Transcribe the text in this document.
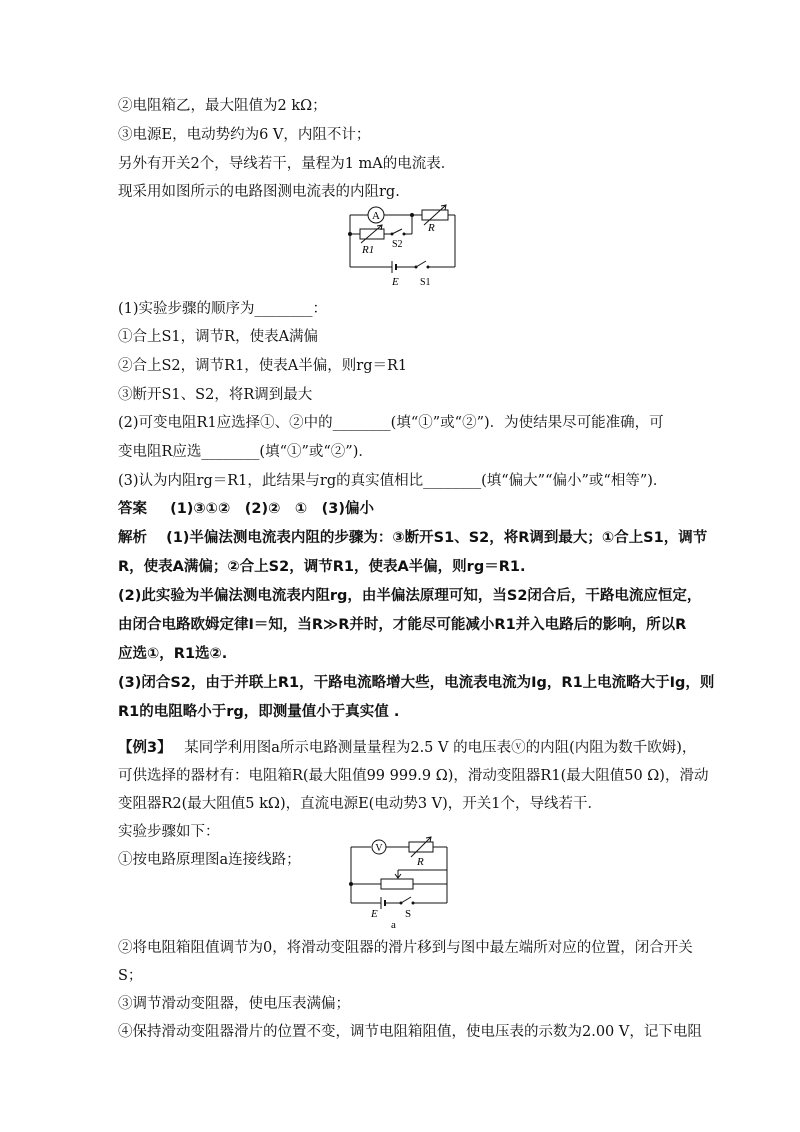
②电阻箱乙，最大阻值为2 kΩ；
③电源E，电动势约为6 V，内阻不计；
另外有开关2个，导线若干，量程为1 mA的电流表．
现采用如图所示的电路图测电流表的内阻rg.
A
R
R1 S2
E S1
(1)实验步骤的顺序为________：
①合上S1，调节R，使表A满偏
②合上S2，调节R1，使表A半偏，则rg＝R1
③断开S1、S2，将R调到最大
(2)可变电阻R1应选择①、②中的________(填“①”或“②”)．为使结果尽可能准确，可
变电阻R应选________(填“①”或“②”)．
(3)认为内阻rg＝R1，此结果与rg的真实值相比________(填“偏大”“偏小”或“相等”)．
答案 (1)③①②　(2)②　①　(3)偏小
解析 (1)半偏法测电流表内阻的步骤为：③断开S1、S2，将R调到最大；①合上S1，调节
R，使表A满偏；②合上S2，调节R1，使表A半偏，则rg＝R1.
(2)此实验为半偏法测电流表内阻rg，由半偏法原理可知，当S2闭合后，干路电流应恒定，
由闭合电路欧姆定律I＝知，当R≫R并时，才能尽可能减小R1并入电路后的影响，所以R
应选①，R1选②.
(3)闭合S2，由于并联上R1，干路电流略增大些，电流表电流为Ig，R1上电流略大于Ig，则
R1的电阻略小于rg，即测量值小于真实值 .
【例3】 某同学利用图a所示电路测量量程为2.5 V 的电压表ⓥ的内阻(内阻为数千欧姆)，
可供选择的器材有：电阻箱R(最大阻值99 999.9 Ω)，滑动变阻器R1(最大阻值50 Ω)，滑动
变阻器R2(最大阻值5 kΩ)，直流电源E(电动势3 V)，开关1个，导线若干．
实验步骤如下：
①按电路原理图a连接线路；
V
R
E S
a
②将电阻箱阻值调节为0，将滑动变阻器的滑片移到与图中最左端所对应的位置，闭合开关
S；
③调节滑动变阻器，使电压表满偏；
④保持滑动变阻器滑片的位置不变，调节电阻箱阻值，使电压表的示数为2.00 V，记下电阻
